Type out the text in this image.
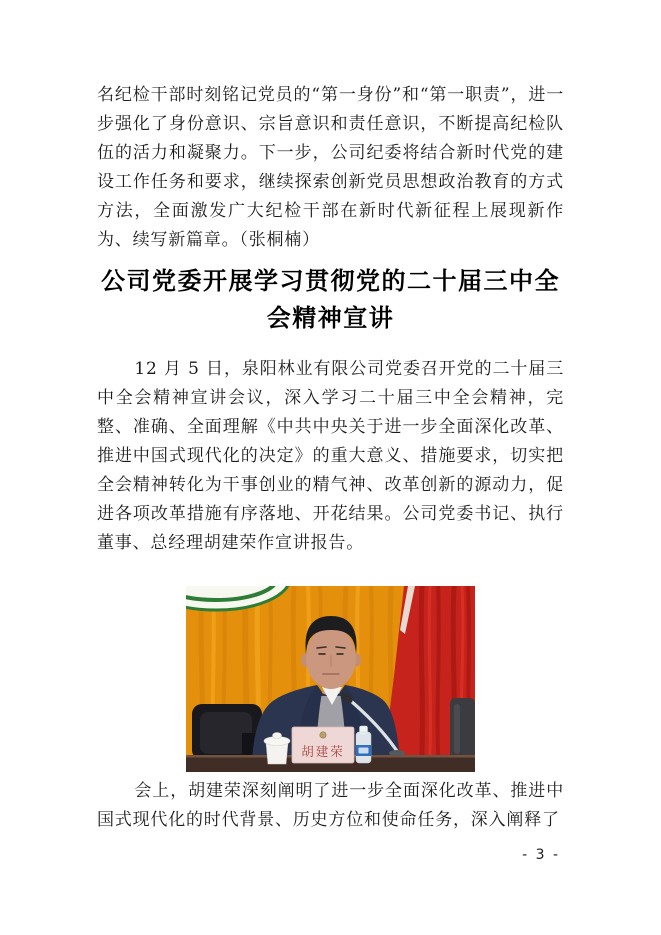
名纪检干部时刻铭记党员的“第一身份”和“第一职责”，进一步强化了身份意识、宗旨意识和责任意识，不断提高纪检队伍的活力和凝聚力。下一步，公司纪委将结合新时代党的建设工作任务和要求，继续探索创新党员思想政治教育的方式方法，全面激发广大纪检干部在新时代新征程上展现新作为、续写新篇章。（张桐楠）

公司党委开展学习贯彻党的二十届三中全会精神宣讲

12 月 5 日，泉阳林业有限公司党委召开党的二十届三中全会精神宣讲会议，深入学习二十届三中全会精神，完整、准确、全面理解《中共中央关于进一步全面深化改革、推进中国式现代化的决定》的重大意义、措施要求，切实把全会精神转化为干事创业的精气神、改革创新的源动力，促进各项改革措施有序落地、开花结果。公司党委书记、执行董事、总经理胡建荣作宣讲报告。

胡建荣

会上，胡建荣深刻阐明了进一步全面深化改革、推进中国式现代化的时代背景、历史方位和使命任务，深入阐释了

- 3 -
